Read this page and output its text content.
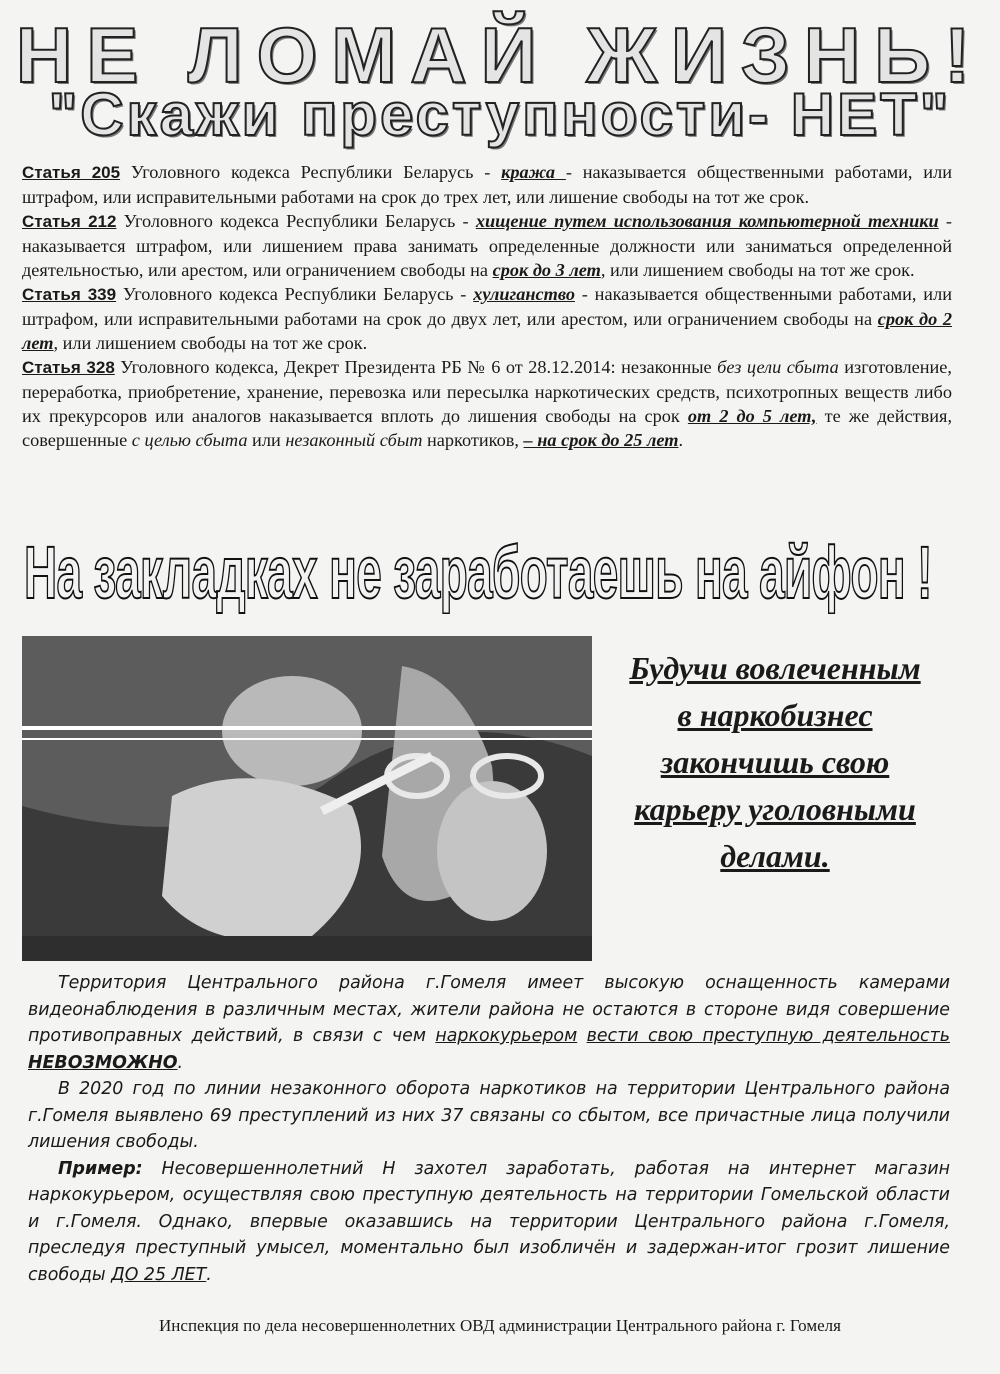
НЕ ЛОМАЙ ЖИЗНЬ!
"Скажи преступности- НЕТ"

Статья 205 Уголовного кодекса Республики Беларусь - кража - наказывается общественными работами, или штрафом, или исправительными работами на срок до трех лет, или лишение свободы на тот же срок.

Статья 212 Уголовного кодекса Республики Беларусь - хищение путем использования компьютерной техники - наказывается штрафом, или лишением права занимать определенные должности или заниматься определенной деятельностью, или арестом, или ограничением свободы на срок до 3 лет, или лишением свободы на тот же срок.

Статья 339 Уголовного кодекса Республики Беларусь - хулиганство - наказывается общественными работами, или штрафом, или исправительными работами на срок до двух лет, или арестом, или ограничением свободы на срок до 2 лет, или лишением свободы на тот же срок.

Статья 328 Уголовного кодекса, Декрет Президента РБ № 6 от 28.12.2014: незаконные без цели сбыта изготовление, переработка, приобретение, хранение, перевозка или пересылка наркотических средств, психотропных веществ либо их прекурсоров или аналогов наказывается вплоть до лишения свободы на срок от 2 до 5 лет, те же действия, совершенные с целью сбыта или незаконный сбыт наркотиков, – на срок до 25 лет.

На закладках не заработаешь на айфон !
Будучи вовлеченным
в наркобизнес
закончишь свою
карьеру уголовными
делами.

Территория Центрального района г.Гомеля имеет высокую оснащенность камерами видеонаблюдения в различным местах, жители района не остаются в стороне видя совершение противоправных действий, в связи с чем наркокурьером вести свою преступную деятельность НЕВОЗМОЖНО.

В 2020 год по линии незаконного оборота наркотиков на территории Центрального района г.Гомеля выявлено 69 преступлений из них 37 связаны со сбытом, все причастные лица получили лишения свободы.

Пример: Несовершеннолетний Н захотел заработать, работая на интернет магазин наркокурьером, осуществляя свою преступную деятельность на территории Гомельской области и г.Гомеля. Однако, впервые оказавшись на территории Центрального района г.Гомеля, преследуя преступный умысел, моментально был изобличён и задержан-итог грозит лишение свободы ДО 25 ЛЕТ.

Инспекция по дела несовершеннолетних ОВД администрации Центрального района г. Гомеля
